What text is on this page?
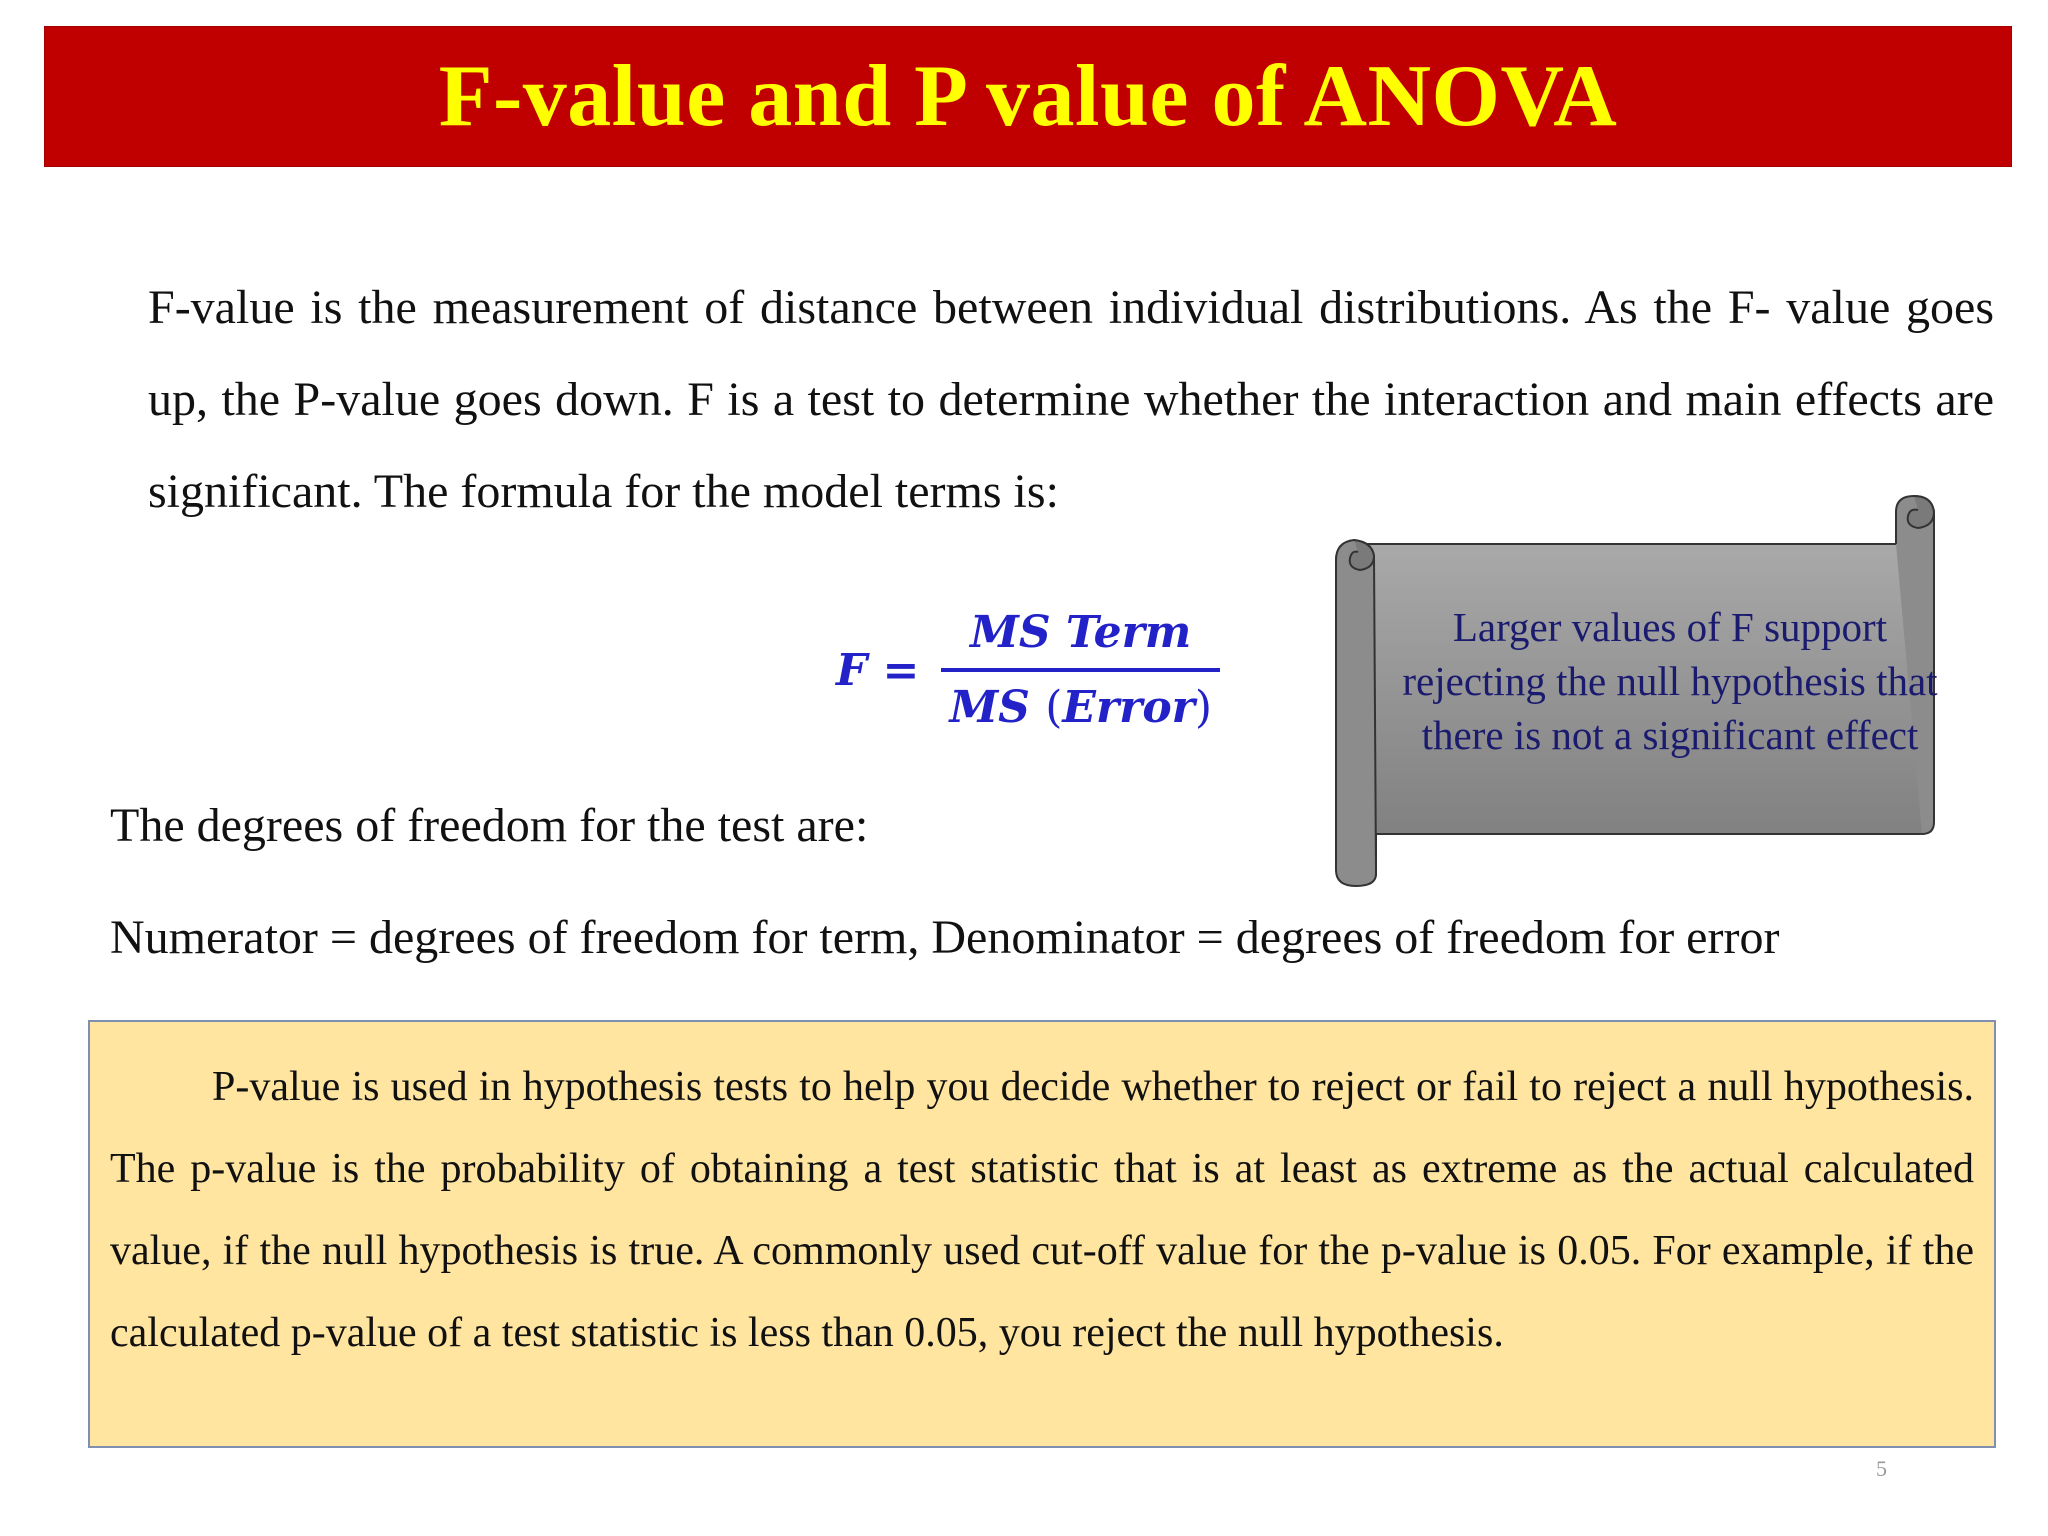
F-value and P value of ANOVA
F-value is the measurement of distance between individual distributions. As the F- value goes up, the P-value goes down. F is a test to determine whether the interaction and main effects are significant. The formula for the model terms is:
$F = \frac{\text{MS Term}}{\text{MS (Error)}}$	Larger values of F support rejecting the null hypothesis that there is not a significant effect
The degrees of freedom for the test are:
Numerator = degrees of freedom for term, Denominator = degrees of freedom for error
P-value is used in hypothesis tests to help you decide whether to reject or fail to reject a null hypothesis. The p-value is the probability of obtaining a test statistic that is at least as extreme as the actual calculated value, if the null hypothesis is true. A commonly used cut-off value for the p-value is 0.05. For example, if the calculated p-value of a test statistic is less than 0.05, you reject the null hypothesis.
5
